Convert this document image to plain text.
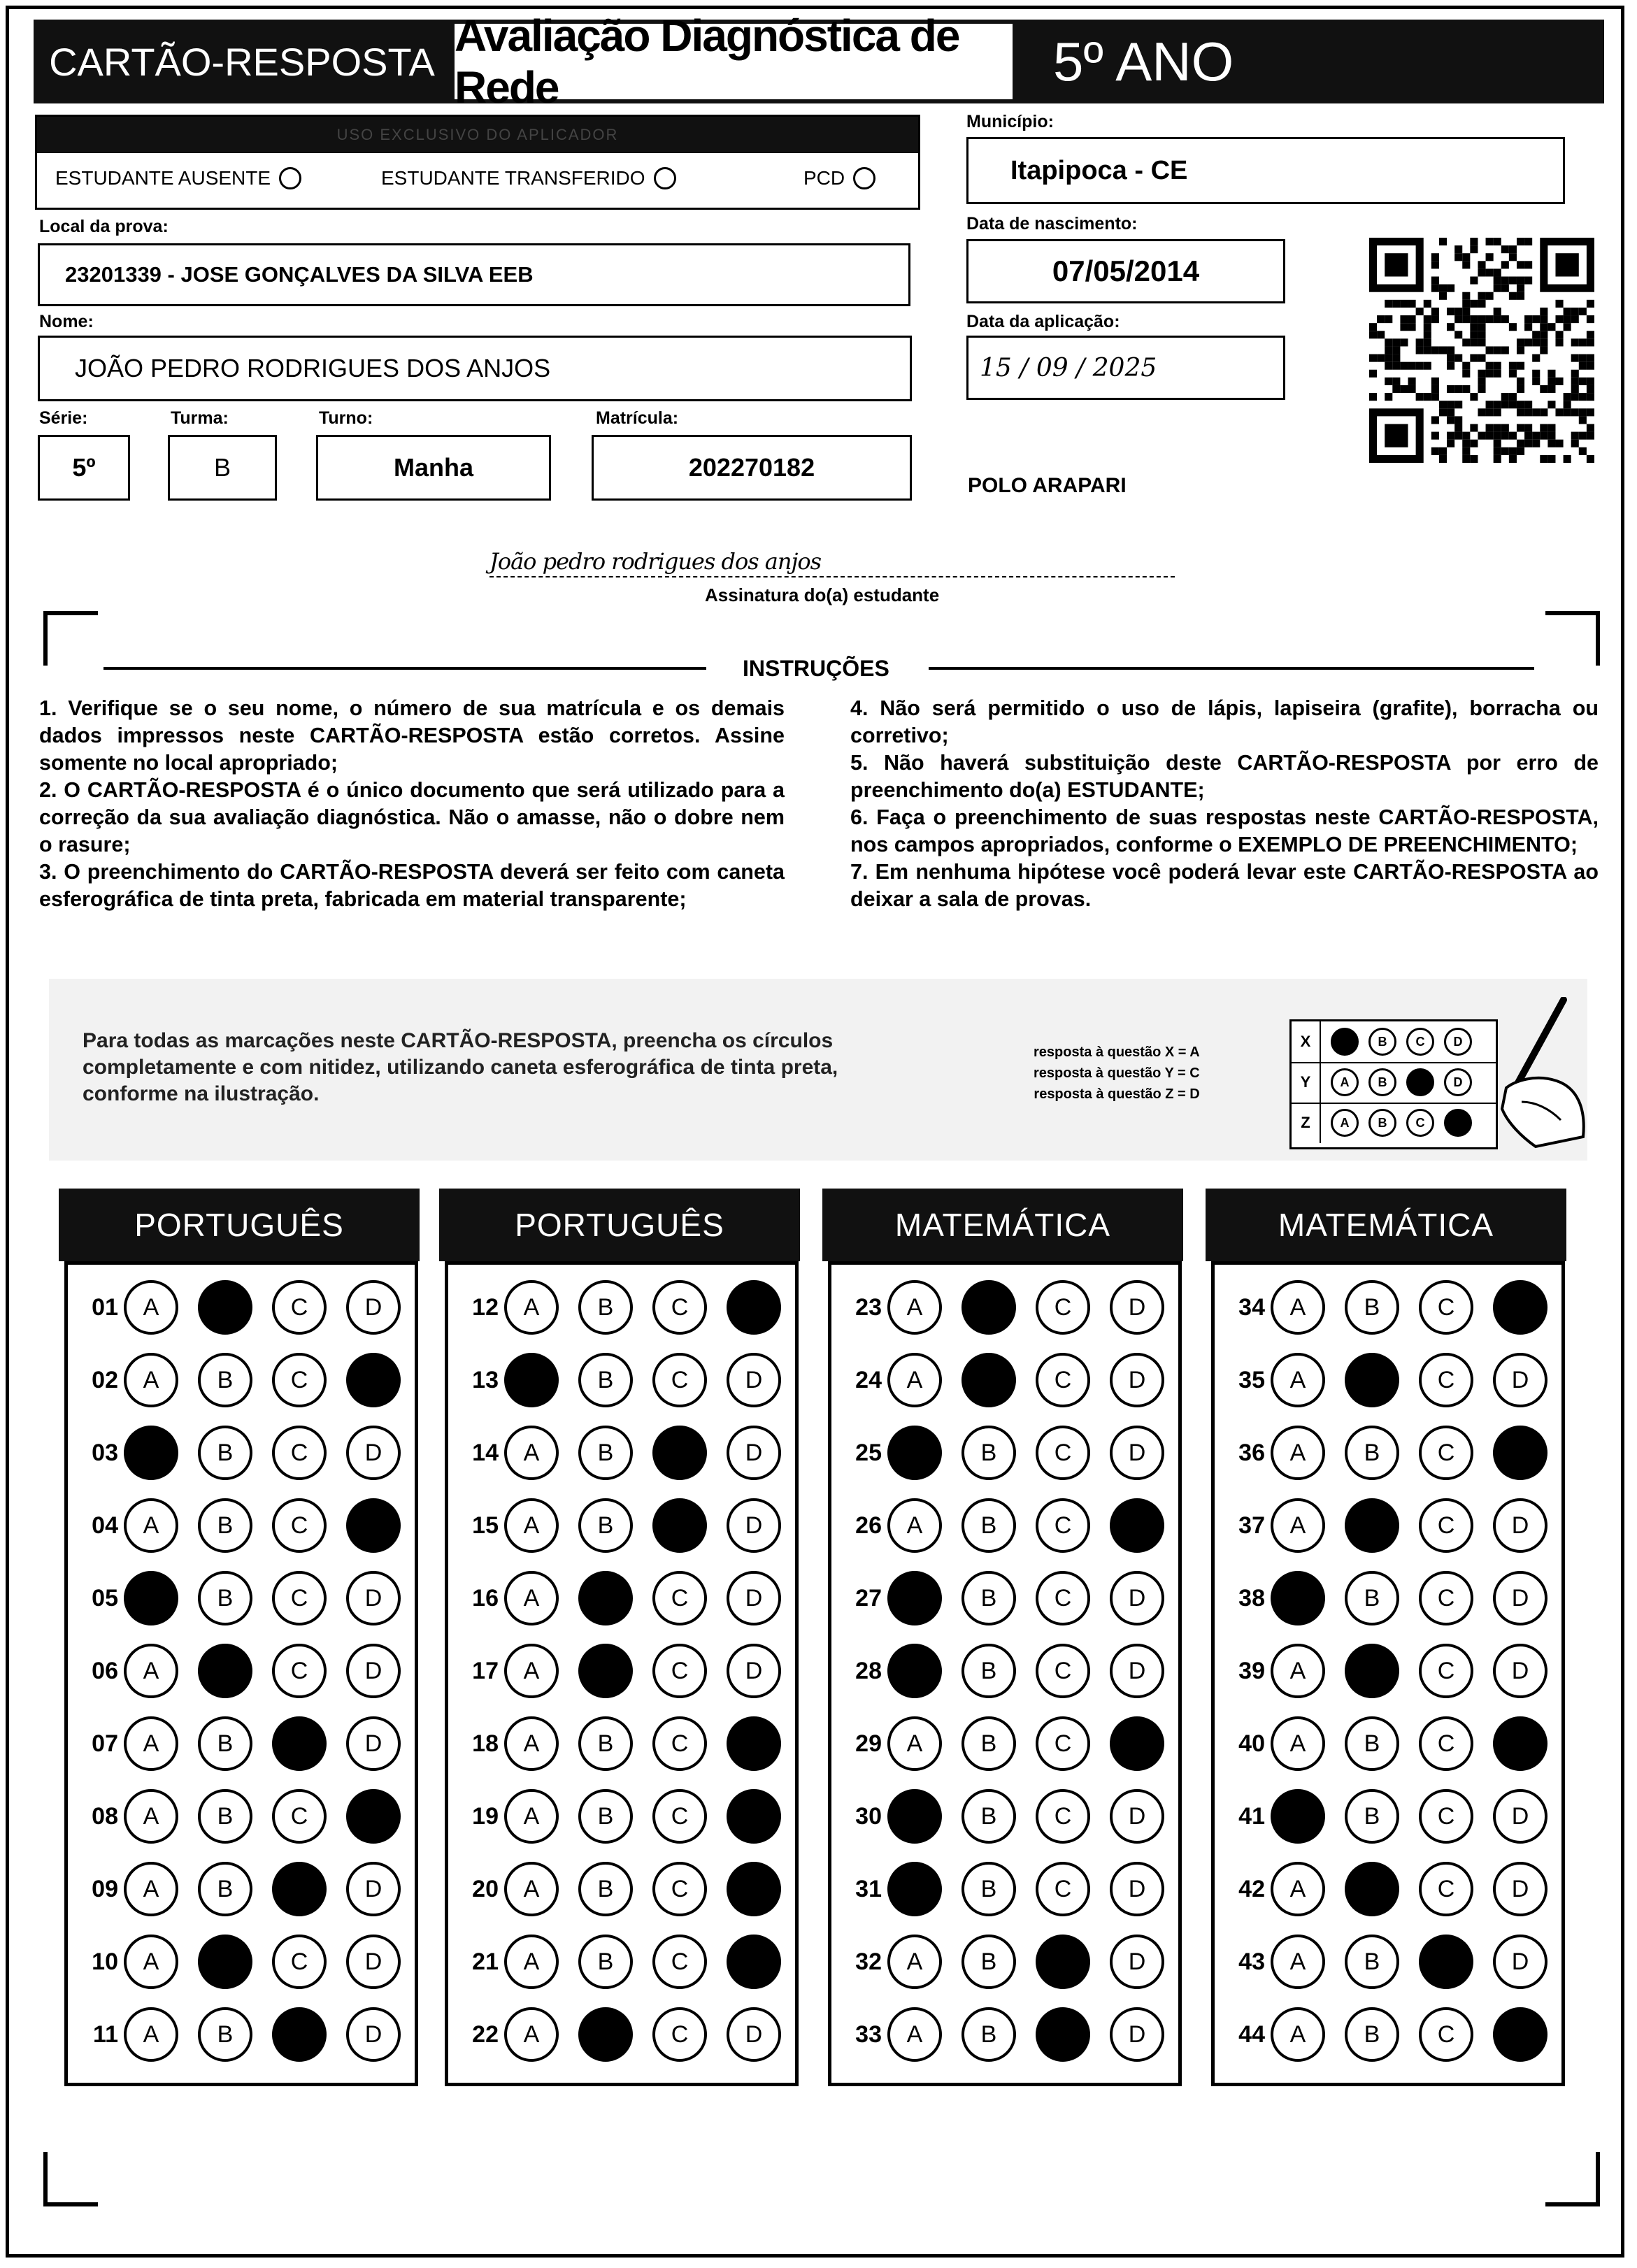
CARTÃO-RESPOSTA
Avaliação Diagnóstica de Rede	5º ANO
USO EXCLUSIVO DO APLICADOR
ESTUDANTE AUSENTE	ESTUDANTE TRANSFERIDO	PCD
Município:
Itapipoca - CE
Local da prova:
23201339 - JOSE GONÇALVES DA SILVA EEB
Data de nascimento:
07/05/2014
Nome:
JOÃO PEDRO RODRIGUES DOS ANJOS
Data da aplicação:
15 / 09 / 2025
Série:
5º
Turma:
B
Turno:
Manha
Matrícula:
202270182
POLO ARAPARI
João pedro rodrigues dos anjos
Assinatura do(a) estudante
INSTRUÇÕES

1. Verifique se o seu nome, o número de sua matrícula e os demais dados impressos neste CARTÃO-RESPOSTA estão corretos. Assine somente no local apropriado;

2. O CARTÃO-RESPOSTA é o único documento que será utilizado para a correção da sua avaliação diagnóstica. Não o amasse, não o dobre nem o rasure;

3. O preenchimento do CARTÃO-RESPOSTA deverá ser feito com caneta esferográfica de tinta preta, fabricada em material transparente;

4. Não será permitido o uso de lápis, lapiseira (grafite), borracha ou corretivo;

5. Não haverá substituição deste CARTÃO-RESPOSTA por erro de preenchimento do(a) ESTUDANTE;

6. Faça o preenchimento de suas respostas neste CARTÃO-RESPOSTA, nos campos apropriados, conforme o EXEMPLO DE PREENCHIMENTO;

7. Em nenhuma hipótese você poderá levar este CARTÃO-RESPOSTA ao deixar a sala de provas.

Para todas as marcações neste CARTÃO-RESPOSTA, preencha os círculos completamente e com nitidez, utilizando caneta esferográfica de tinta preta, conforme na ilustração.
resposta à questão X = A
resposta à questão Y = C
resposta à questão Z = D
X	A	B	C	D
Y	A	B	C	D
Z	A	B	C	D
PORTUGUÊS
01	A	B	C	D
02	A	B	C	D
03	A	B	C	D
04	A	B	C	D
05	A	B	C	D
06	A	B	C	D
07	A	B	C	D
08	A	B	C	D
09	A	B	C	D
10	A	B	C	D
11	A	B	C	D
PORTUGUÊS
12	A	B	C	D
13	A	B	C	D
14	A	B	C	D
15	A	B	C	D
16	A	B	C	D
17	A	B	C	D
18	A	B	C	D
19	A	B	C	D
20	A	B	C	D
21	A	B	C	D
22	A	B	C	D
MATEMÁTICA
23	A	B	C	D
24	A	B	C	D
25	A	B	C	D
26	A	B	C	D
27	A	B	C	D
28	A	B	C	D
29	A	B	C	D
30	A	B	C	D
31	A	B	C	D
32	A	B	C	D
33	A	B	C	D
MATEMÁTICA
34	A	B	C	D
35	A	B	C	D
36	A	B	C	D
37	A	B	C	D
38	A	B	C	D
39	A	B	C	D
40	A	B	C	D
41	A	B	C	D
42	A	B	C	D
43	A	B	C	D
44	A	B	C	D
